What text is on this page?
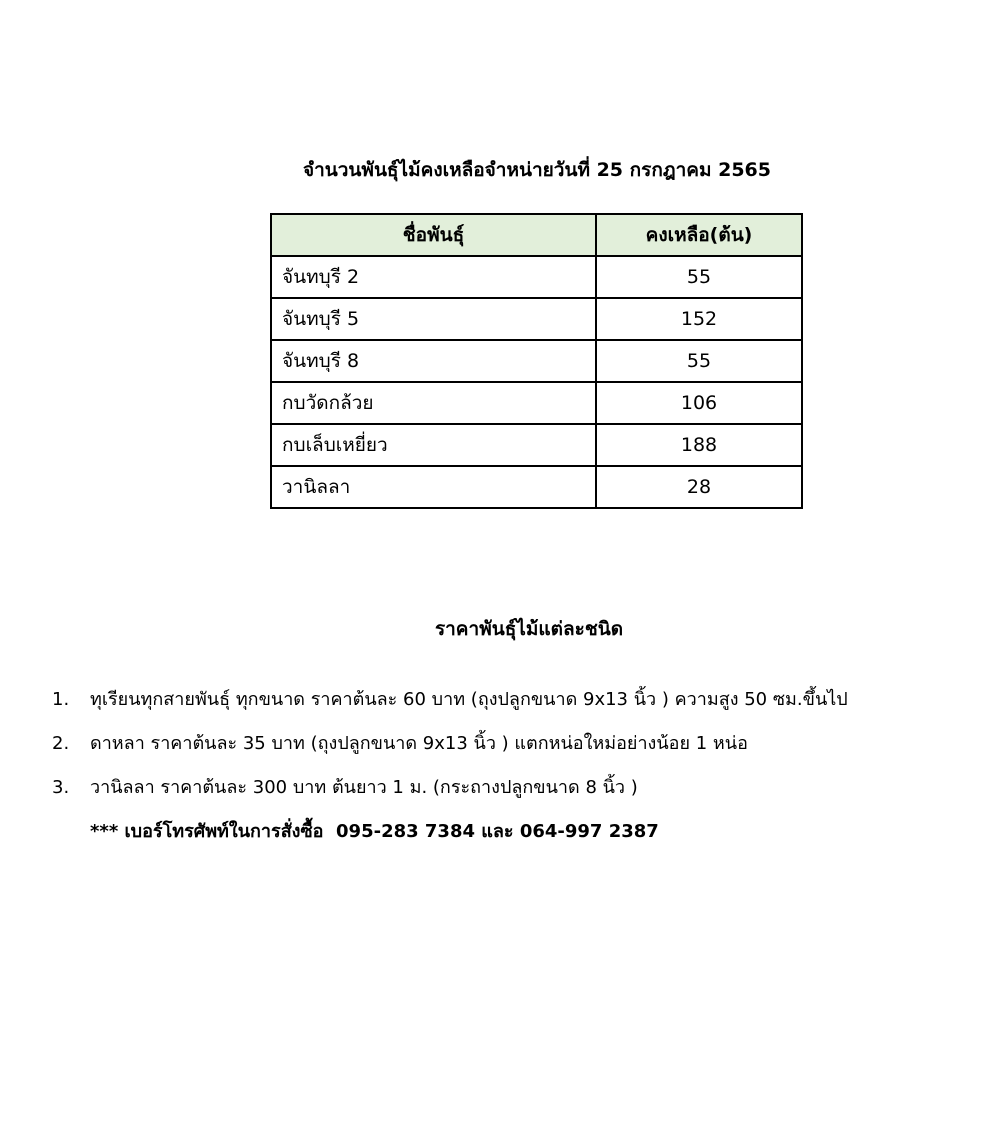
จำนวนพันธุ์ไม้คงเหลือจำหน่ายวันที่ 25 กรกฎาคม 2565
ชื่อพันธุ์	คงเหลือ(ต้น)
จันทบุรี 2	55
จันทบุรี 5	152
จันทบุรี 8	55
กบวัดกล้วย	106
กบเล็บเหยี่ยว	188
วานิลลา	28
ราคาพันธุ์ไม้แต่ละชนิด
1. ทุเรียนทุกสายพันธุ์ ทุกขนาด ราคาต้นละ 60 บาท (ถุงปลูกขนาด 9x13 นิ้ว ) ความสูง 50 ซม.ขึ้นไป
2. ดาหลา ราคาต้นละ 35 บาท (ถุงปลูกขนาด 9x13 นิ้ว ) แตกหน่อใหม่อย่างน้อย 1 หน่อ
3. วานิลลา ราคาต้นละ 300 บาท ต้นยาว 1 ม. (กระถางปลูกขนาด 8 นิ้ว )
*** เบอร์โทรศัพท์ในการสั่งซื้อ  095-283 7384 และ 064-997 2387
